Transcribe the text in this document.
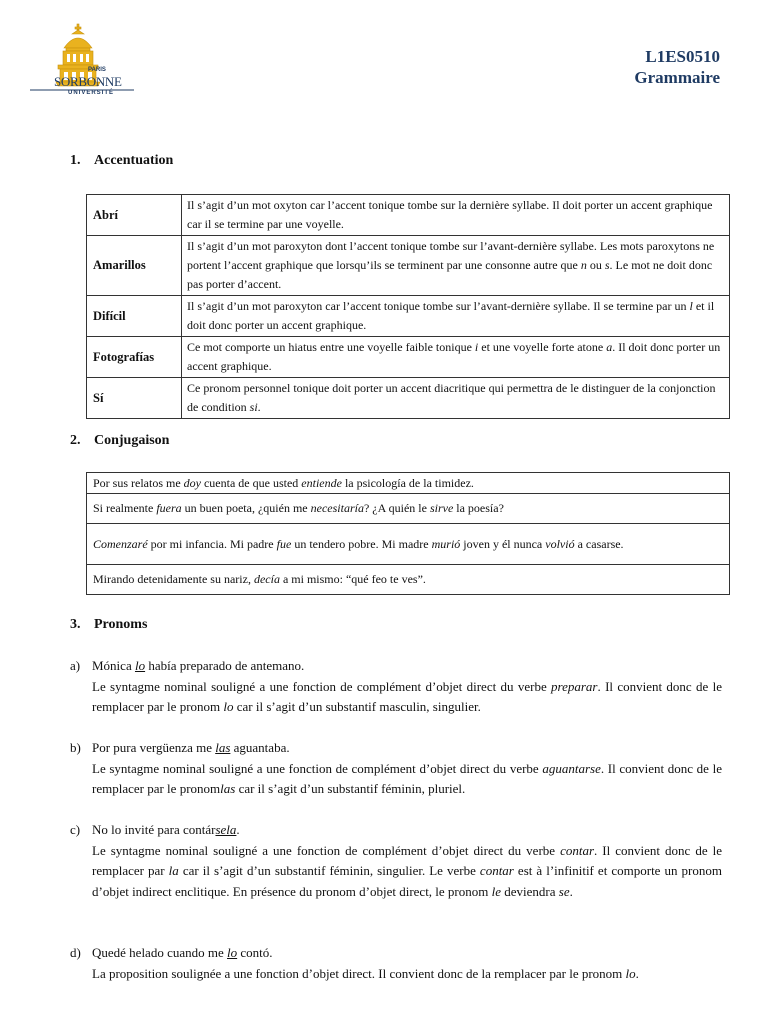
PARIS
SORBONNE
UNIVERSITÉ
L1ES0510
Grammaire
1. Accentuation
Abrí	Il s’agit d’un mot oxyton car l’accent tonique tombe sur la dernière syllabe. Il doit porter un accent graphique car il se termine par une voyelle.
Amarillos	Il s’agit d’un mot paroxyton dont l’accent tonique tombe sur l’avant-dernière syllabe. Les mots paroxytons ne portent l’accent graphique que lorsqu’ils se terminent par une consonne autre que n ou s. Le mot ne doit donc pas porter d’accent.
Difícil	Il s’agit d’un mot paroxyton car l’accent tonique tombe sur l’avant-dernière syllabe. Il se termine par un l et il doit donc porter un accent graphique.
Fotografías	Ce mot comporte un hiatus entre une voyelle faible tonique i et une voyelle forte atone a. Il doit donc porter un accent graphique.
Sí	Ce pronom personnel tonique doit porter un accent diacritique qui permettra de le distinguer de la conjonction de condition si.
2. Conjugaison
Por sus relatos me doy cuenta de que usted entiende la psicología de la timidez.
Si realmente fuera un buen poeta, ¿quién me necesitaría? ¿A quién le sirve la poesía?
Comenzaré por mi infancia. Mi padre fue un tendero pobre. Mi madre murió joven y él nunca volvió a casarse.
Mirando detenidamente su nariz, decía a mi mismo: “qué feo te ves”.
3. Pronoms
a) Mónica lo había preparado de antemano.
Le syntagme nominal souligné a une fonction de complément d’objet direct du verbe preparar. Il convient donc de le remplacer par le pronom lo car il s’agit d’un substantif masculin, singulier.
b) Por pura vergüenza me las aguantaba.
Le syntagme nominal souligné a une fonction de complément d’objet direct du verbe aguantarse. Il convient donc de le remplacer par le pronomlas car il s’agit d’un substantif féminin, pluriel.
c) No lo invité para contársela.
Le syntagme nominal souligné a une fonction de complément d’objet direct du verbe contar. Il convient donc de le remplacer par la car il s’agit d’un substantif féminin, singulier. Le verbe contar est à l’infinitif et comporte un pronom d’objet indirect enclitique. En présence du pronom d’objet direct, le pronom le deviendra se.
d) Quedé helado cuando me lo contó.
La proposition soulignée a une fonction d’objet direct. Il convient donc de la remplacer par le pronom lo.
